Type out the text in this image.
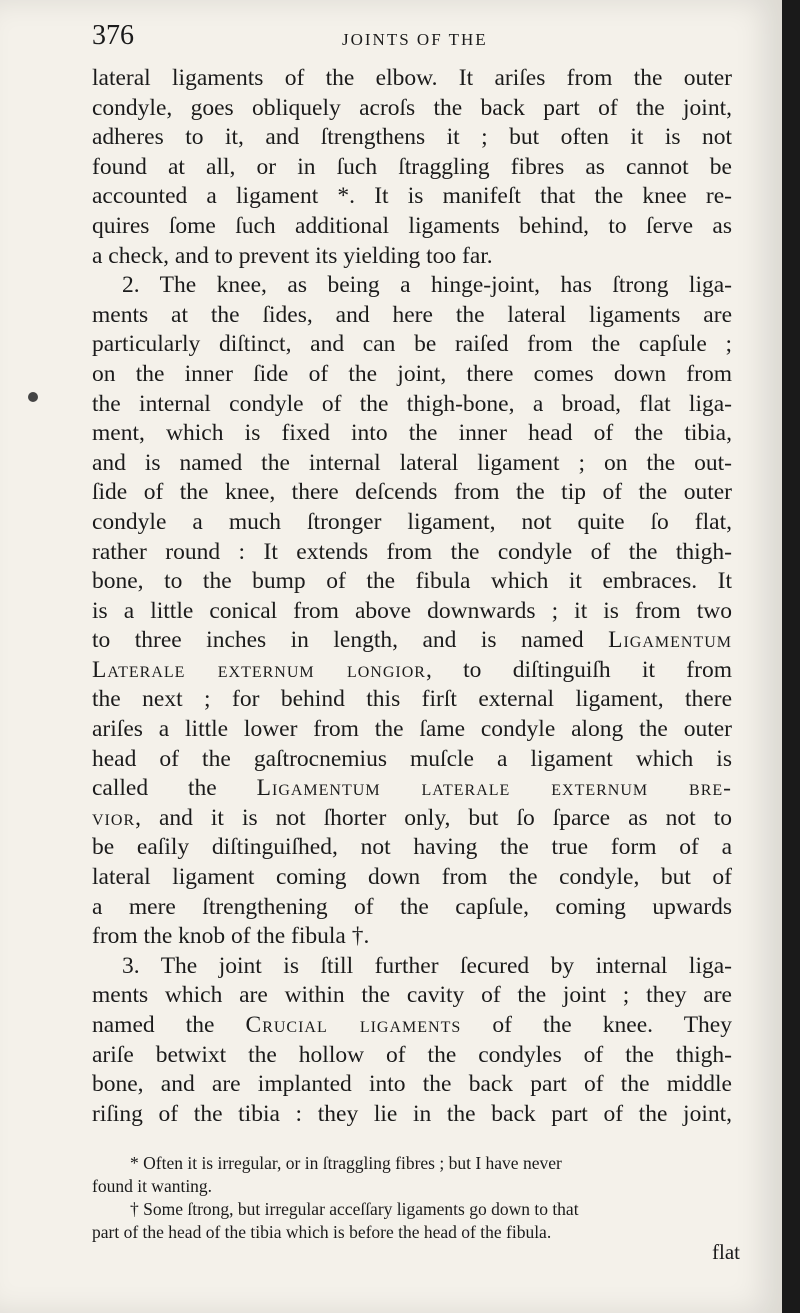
376	JOINTS OF THE
lateral ligaments of the elbow. It ariſes from the outer
condyle, goes obliquely acroſs the back part of the joint,
adheres to it, and ſtrengthens it ; but often it is not
found at all, or in ſuch ſtraggling fibres as cannot be
accounted a ligament *. It is manifeſt that the knee re-
quires ſome ſuch additional ligaments behind, to ſerve as
a check, and to prevent its yielding too far.
2. The knee, as being a hinge-joint, has ſtrong liga-
ments at the ſides, and here the lateral ligaments are
particularly diſtinct, and can be raiſed from the capſule ;
on the inner ſide of the joint, there comes down from
the internal condyle of the thigh-bone, a broad, flat liga-
ment, which is fixed into the inner head of the tibia,
and is named the internal lateral ligament ; on the out-
ſide of the knee, there deſcends from the tip of the outer
condyle a much ſtronger ligament, not quite ſo flat,
rather round : It extends from the condyle of the thigh-
bone, to the bump of the fibula which it embraces. It
is a little conical from above downwards ; it is from two
to three inches in length, and is named Ligamentum
Laterale externum longior, to diſtinguiſh it from
the next ; for behind this firſt external ligament, there
ariſes a little lower from the ſame condyle along the outer
head of the gaſtrocnemius muſcle a ligament which is
called the Ligamentum laterale externum bre-
vior, and it is not ſhorter only, but ſo ſparce as not to
be eaſily diſtinguiſhed, not having the true form of a
lateral ligament coming down from the condyle, but of
a mere ſtrengthening of the capſule, coming upwards
from the knob of the fibula †.
3. The joint is ſtill further ſecured by internal liga-
ments which are within the cavity of the joint ; they are
named the Crucial ligaments of the knee. They
ariſe betwixt the hollow of the condyles of the thigh-
bone, and are implanted into the back part of the middle
riſing of the tibia : they lie in the back part of the joint,
* Often it is irregular, or in ſtraggling fibres ; but I have never
found it wanting.
† Some ſtrong, but irregular acceſſary ligaments go down to that
part of the head of the tibia which is before the head of the fibula.
flat
